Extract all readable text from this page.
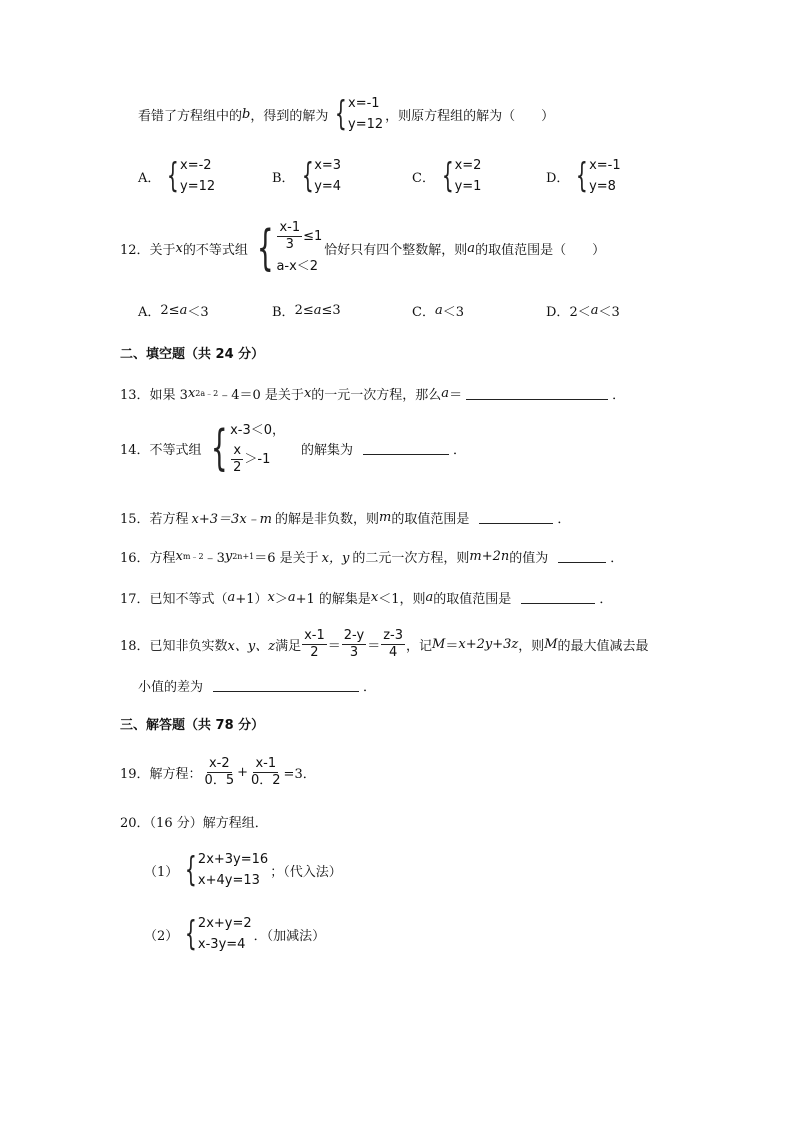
看错了方程组中的 b ，得到的解为 { x=-1
y=12
，则原方程组的解为（　　）
A． { x=-2
y=12
B． { x=3
y=4
C． { x=2
y=1
D． { x=-1
y=8
12．关于 x 的不等式组 { $\frac{x-1}{3} \le 1$
a-x＜2
恰好只有四个整数解，则 a 的取值范围是（　　）
A． 2≤ a ＜3	B． 2≤ a ≤3	C． a ＜3	D． 2＜ a ＜3
二、填空题（共 24 分）
13．如果 3 x 2a﹣2 ﹣4＝0 是关于 x 的一元一次方程，那么 a ＝	．
14．不等式组 { x-3＜0，
$\frac{x}{2} >-1$
的解集为	．
15．若方程 x+3＝3x﹣m 的解是非负数，则 m 的取值范围是	．
16．方程 x m﹣2 ﹣3 y 2n+1 ＝6 是关于 x，y 的二元一次方程，则 m+2n 的值为	．
17．已知不等式（ a +1） x ＞ a +1 的解集是 x ＜1，则 a 的取值范围是	．
18．已知非负实数 x、y、z 满足 $\frac{x-1}{2} = \frac{2-y}{3} = \frac{z-3}{4}$ ，记 M ＝ x+2y+3z ，则 M 的最大值减去最
小值的差为	．
三、解答题（共 78 分）
19．解方程： $\frac{x-2}{0.5} + \frac{x-1}{0.2} =3$．
20．（16 分）解方程组．
（1） { 2x+3y=16
x+4y=13
；（代入法）
（2） { 2x+y=2
x-3y=4
．（加减法）
